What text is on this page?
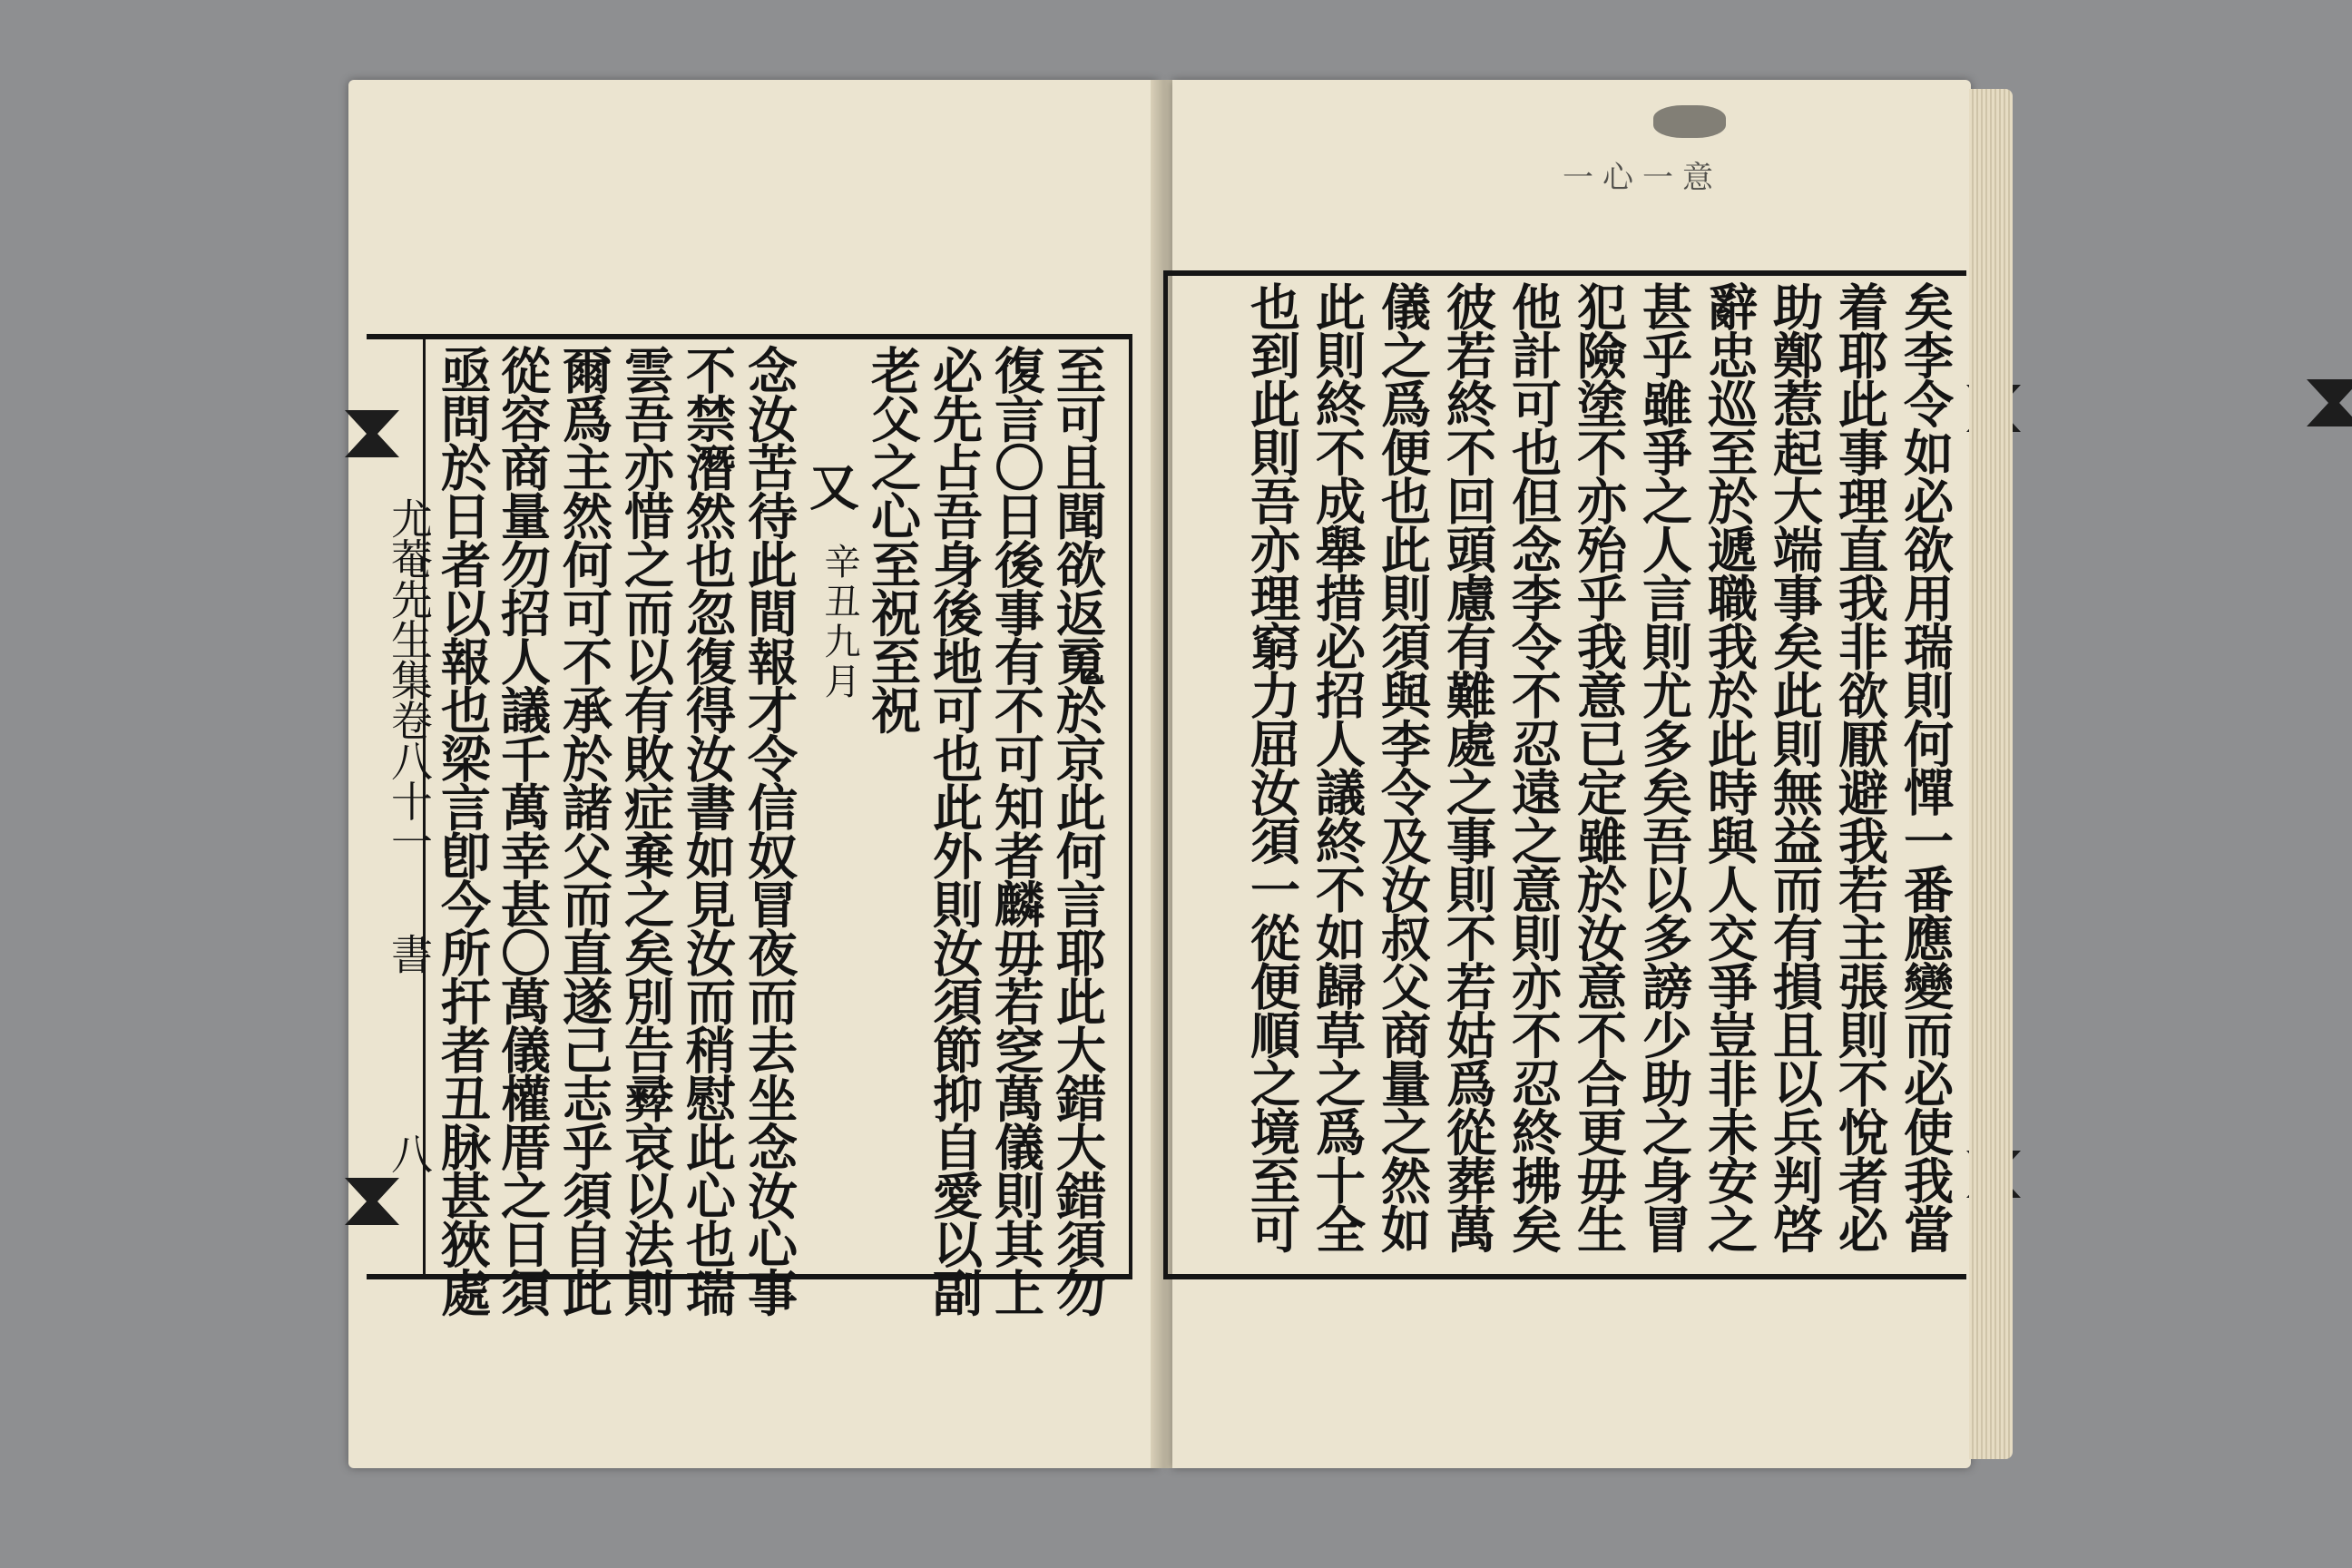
尤菴先生集卷八十一
書
八	至可且聞欲返䰟於京此何言耶此大錯大錯須勿
復言〇日後事有不可知者麟毋若窆萬儀則其上
必先占吾身後地可也此外則汝須節抑自愛以副
老父之心至祝至祝
又
辛丑九月
念汝苦待此間報才令信奴冒夜而去坐念汝心事
不禁潛然也忽復得汝書如見汝而稍慰此心也瑞
雲吾亦惜之而以有敗症棄之矣別告彛哀以法則
爾爲主然何可不承於諸父而直遂己志乎須自此
從容商量勿招人議千萬幸甚〇萬儀權厝之日須
亟問於日者以報也梁言卽今所扞者丑脉甚狹處
一心一意
矣李令如必欲用瑞則何憚一番應變而必使我當
着耶此事理直我非欲厭避我若主張則不悅者必
助鄭惹起大端事矣此則無益而有損且以兵判啓
辭忠巡至於遞職我於此時與人交爭豈非未安之
甚乎雖爭之人言則尤多矣吾以多謗少助之身冒
犯險塗不亦殆乎我意已定雖於汝意不合更毋生
他計可也但念李令不忍遠之意則亦不忍終拂矣
彼若終不回頭慮有難處之事則不若姑爲從葬萬
儀之爲便也此則須與李令及汝叔父商量之然如
此則終不成舉措必招人議終不如歸草之爲十全
也到此則吾亦理窮力屈汝須一從便順之境至可
